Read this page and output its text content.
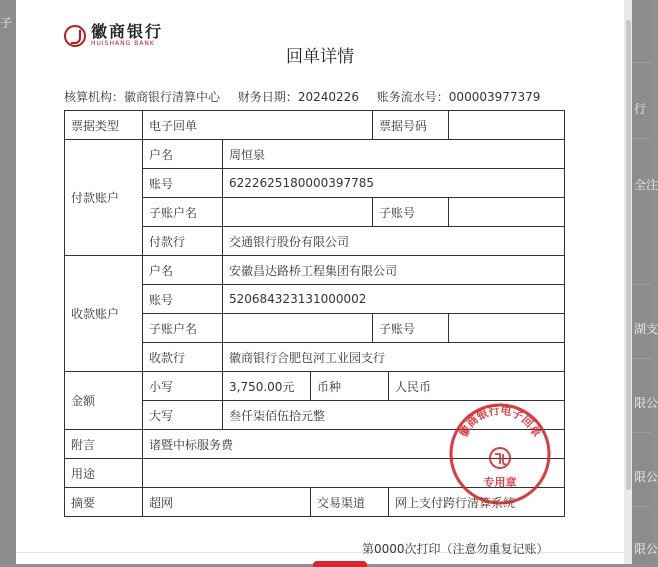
子
行
全注
湖支
限公
限公
限公
徽商银行
HUISHANG BANK
回单详情
核算机构：徽商银行清算中心 财务日期：20240226 账务流水号：000003977379
票据类型	电子回单			票据号码		
付款账户	户名	周恒泉				
	账号	6222625180000397785				
	子账户名			子账号		
	付款行	交通银行股份有限公司				
收款账户	户名	安徽昌达路桥工程集团有限公司				
	账号	520684323131000002				
	子账户名			子账号		
	收款行	徽商银行合肥包河工业园支行				
金额	小写	3,750.00元	币种		人民币	
	大写	叁仟柒佰伍拾元整				
附言	诸暨中标服务费					
用途						
摘要	超网		交易渠道		网上支付跨行清算系统	
徽商银行电子回单
专用章
第0000次打印（注意勿重复记账）
